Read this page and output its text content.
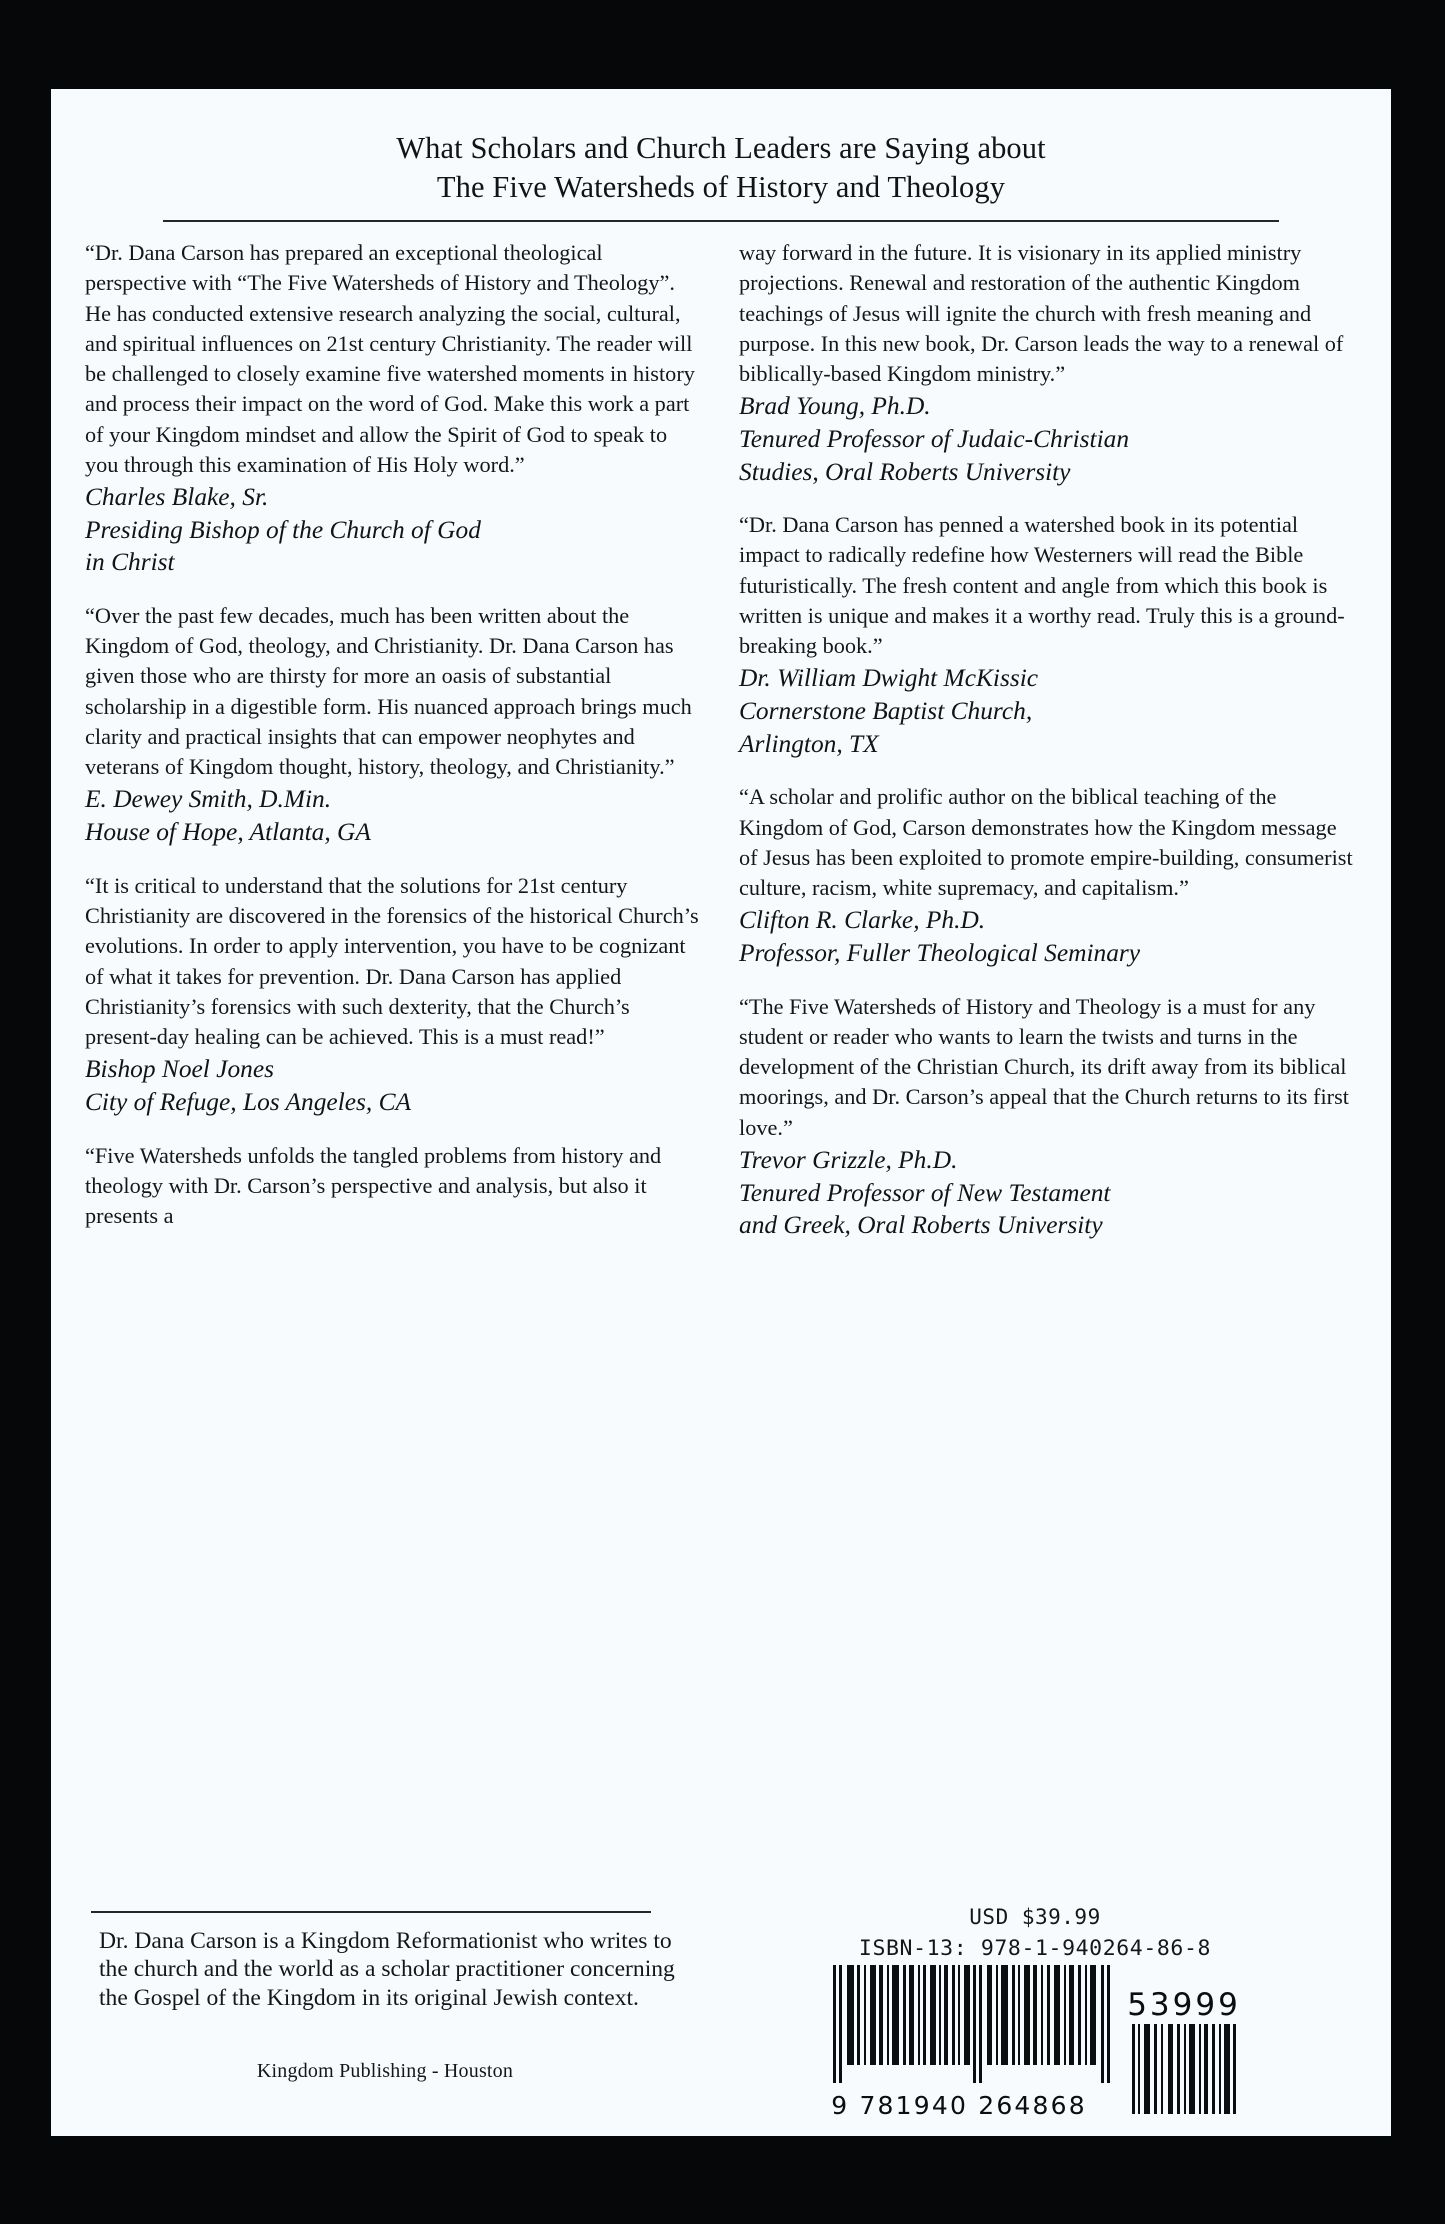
What Scholars and Church Leaders are Saying about
The Five Watersheds of History and Theology

“Dr. Dana Carson has prepared an exceptional theological perspective with “The Five Watersheds of History and Theology”. He has conducted extensive research analyzing the social, cultural, and spiritual influences on 21st century Christianity. The reader will be challenged to closely examine five watershed moments in history and process their impact on the word of God. Make this work a part of your Kingdom mindset and allow the Spirit of God to speak to you through this examination of His Holy word.”

Charles Blake, Sr.
Presiding Bishop of the Church of God
in Christ

“Over the past few decades, much has been written about the Kingdom of God, theology, and Christianity. Dr. Dana Carson has given those who are thirsty for more an oasis of substantial scholarship in a digestible form. His nuanced approach brings much clarity and practical insights that can empower neophytes and veterans of Kingdom thought, history, theology, and Christianity.”

E. Dewey Smith, D.Min.
House of Hope, Atlanta, GA

“It is critical to understand that the solutions for 21st century Christianity are discovered in the forensics of the historical Church’s evolutions. In order to apply intervention, you have to be cognizant of what it takes for prevention. Dr. Dana Carson has applied Christianity’s forensics with such dexterity, that the Church’s present-day healing can be achieved. This is a must read!”

Bishop Noel Jones
City of Refuge, Los Angeles, CA

“Five Watersheds unfolds the tangled problems from history and theology with Dr. Carson’s perspective and analysis, but also it presents a

way forward in the future. It is visionary in its applied ministry projections. Renewal and restoration of the authentic Kingdom teachings of Jesus will ignite the church with fresh meaning and purpose. In this new book, Dr. Carson leads the way to a renewal of biblically-based Kingdom ministry.”

Brad Young, Ph.D.
Tenured Professor of Judaic-Christian
Studies, Oral Roberts University

“Dr. Dana Carson has penned a watershed book in its potential impact to radically redefine how Westerners will read the Bible futuristically. The fresh content and angle from which this book is written is unique and makes it a worthy read. Truly this is a ground-breaking book.”

Dr. William Dwight McKissic
Cornerstone Baptist Church,
Arlington, TX

“A scholar and prolific author on the biblical teaching of the Kingdom of God, Carson demonstrates how the Kingdom message of Jesus has been exploited to promote empire-building, consumerist culture, racism, white supremacy, and capitalism.”

Clifton R. Clarke, Ph.D.
Professor, Fuller Theological Seminary

“The Five Watersheds of History and Theology is a must for any student or reader who wants to learn the twists and turns in the development of the Christian Church, its drift away from its biblical moorings, and Dr. Carson’s appeal that the Church returns to its first love.”

Trevor Grizzle, Ph.D.
Tenured Professor of New Testament
and Greek, Oral Roberts University

Dr. Dana Carson is a Kingdom Reformationist who writes to the church and the world as a scholar practitioner concerning the Gospel of the Kingdom in its original Jewish context.

Kingdom Publishing - Houston

USD $39.99
ISBN-13: 978-1-940264-86-8
9 781940 264868
53999
